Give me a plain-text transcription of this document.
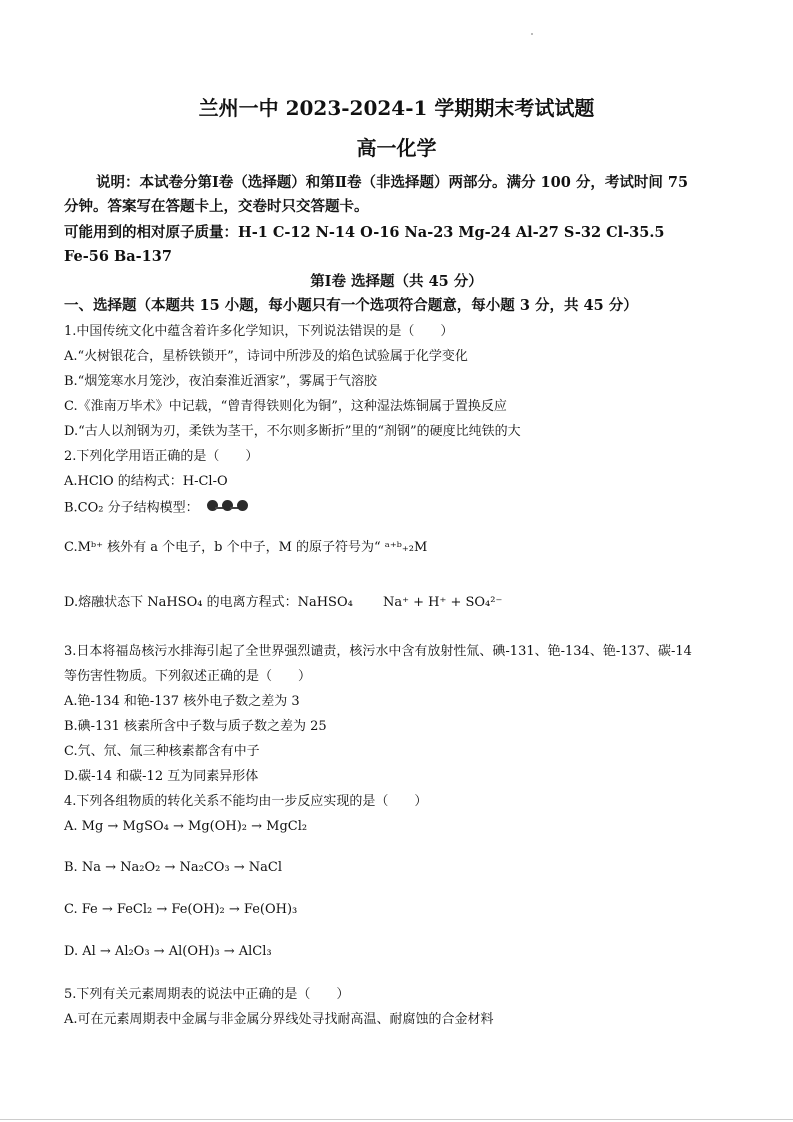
兰州一中 2023-2024-1 学期期末考试试题
高一化学
说明：本试卷分第Ⅰ卷（选择题）和第Ⅱ卷（非选择题）两部分。满分 100 分，考试时间 75
分钟。答案写在答题卡上，交卷时只交答题卡。
可能用到的相对原子质量：H-1 C-12 N-14 O-16 Na-23 Mg-24 Al-27 S-32 Cl-35.5
Fe-56 Ba-137
第Ⅰ卷 选择题（共 45 分）
一、选择题（本题共 15 小题，每小题只有一个选项符合题意，每小题 3 分，共 45 分）
1.中国传统文化中蕴含着许多化学知识，下列说法错误的是（　　）
A.“火树银花合，星桥铁锁开”，诗词中所涉及的焰色试验属于化学变化
B.“烟笼寒水月笼沙，夜泊秦淮近酒家”，雾属于气溶胶
C.《淮南万毕术》中记载，“曾青得铁则化为铜”，这种湿法炼铜属于置换反应
D.“古人以剂钢为刃，柔铁为茎干，不尔则多断折”里的“剂钢”的硬度比纯铁的大
2.下列化学用语正确的是（　　）
A.HClO 的结构式：H-Cl-O
B.CO₂ 分子结构模型：
C.Mᵇ⁺ 核外有 a 个电子，b 个中子，M 的原子符号为“ ᵃ⁺ᵇ₊₂M
D.熔融状态下 NaHSO₄ 的电离方程式：NaHSO₄　　 Na⁺ + H⁺ + SO₄²⁻
3.日本将福岛核污水排海引起了全世界强烈谴责，核污水中含有放射性氚、碘-131、铯-134、铯-137、碳-14
等伤害性物质。下列叙述正确的是（　　）
A.铯-134 和铯-137 核外电子数之差为 3
B.碘-131 核素所含中子数与质子数之差为 25
C.氕、氘、氚三种核素都含有中子
D.碳-14 和碳-12 互为同素异形体
4.下列各组物质的转化关系不能均由一步反应实现的是（　　）
A. Mg → MgSO₄ → Mg(OH)₂ → MgCl₂
B. Na → Na₂O₂ → Na₂CO₃ → NaCl
C. Fe → FeCl₂ → Fe(OH)₂ → Fe(OH)₃
D. Al → Al₂O₃ → Al(OH)₃ → AlCl₃
5.下列有关元素周期表的说法中正确的是（　　）
A.可在元素周期表中金属与非金属分界线处寻找耐高温、耐腐蚀的合金材料
